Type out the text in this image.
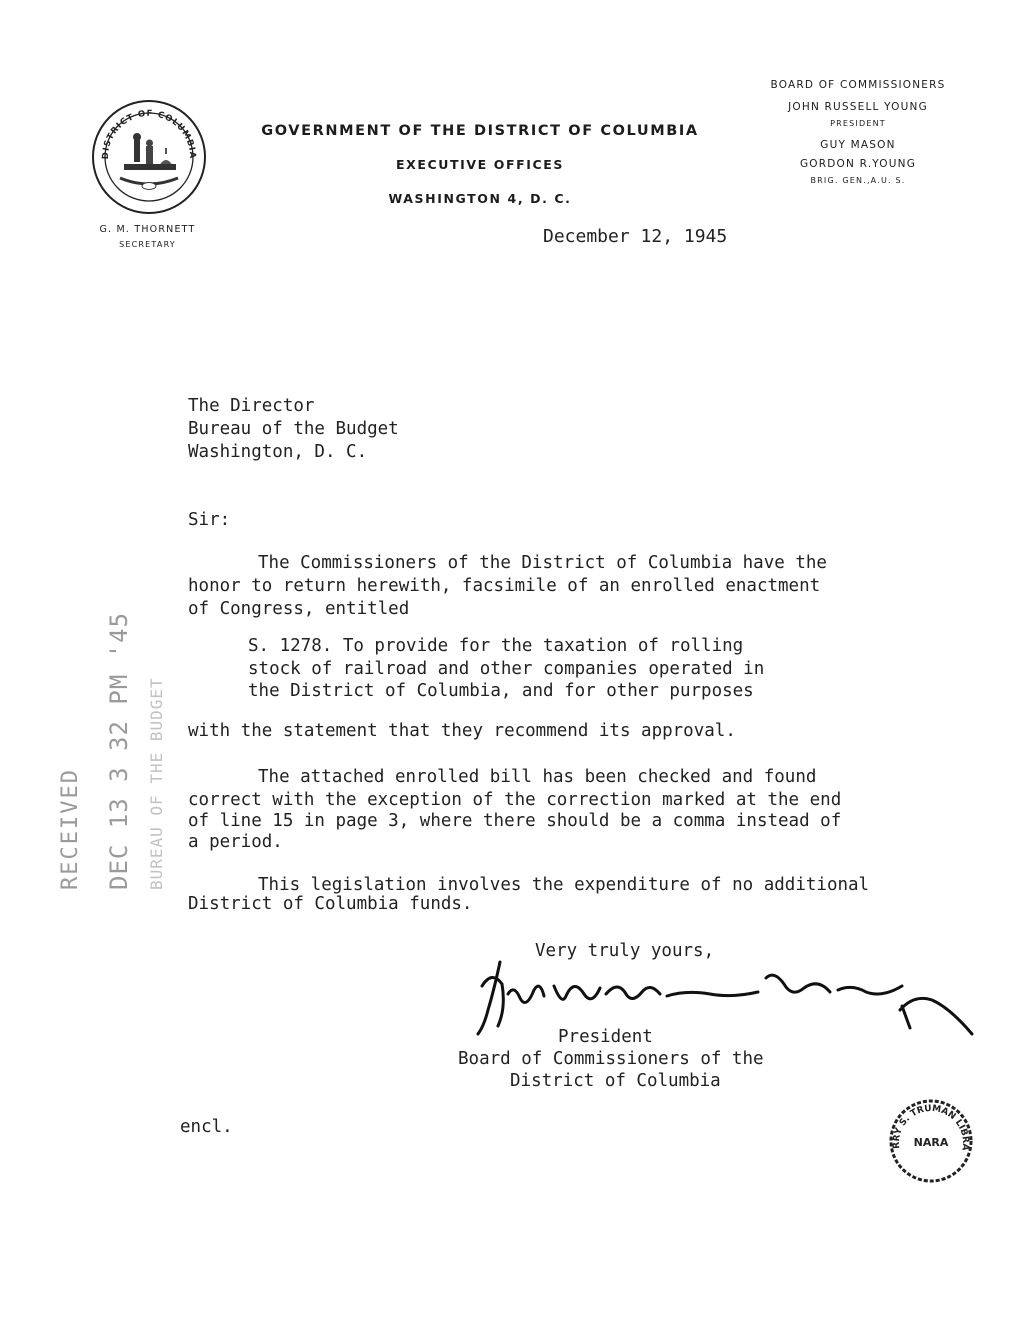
DISTRICT OF COLUMBIA
GOVERNMENT OF THE DISTRICT OF COLUMBIA
EXECUTIVE OFFICES
WASHINGTON 4, D. C.
BOARD OF COMMISSIONERS
JOHN RUSSELL YOUNG
PRESIDENT
GUY MASON
GORDON R.YOUNG
BRIG. GEN.,A.U. S.
G. M. THORNETT
SECRETARY	December 12, 1945
The Director
Bureau of the Budget
Washington, D. C.
Sir:
The Commissioners of the District of Columbia have the
honor to return herewith, facsimile of an enrolled enactment
of Congress, entitled
S. 1278. To provide for the taxation of rolling
stock of railroad and other companies operated in
the District of Columbia, and for other purposes
with the statement that they recommend its approval.
The attached enrolled bill has been checked and found
correct with the exception of the correction marked at the end
of line 15 in page 3, where there should be a comma instead of
a period.
This legislation involves the expenditure of no additional
District of Columbia funds.
Very truly yours,
President
Board of Commissioners of the
District of Columbia
encl.
RECEIVED DEC 13 3 32 PM '45 BUREAU OF THE BUDGET
RRY S. TRUMAN LIBRA
NARA
